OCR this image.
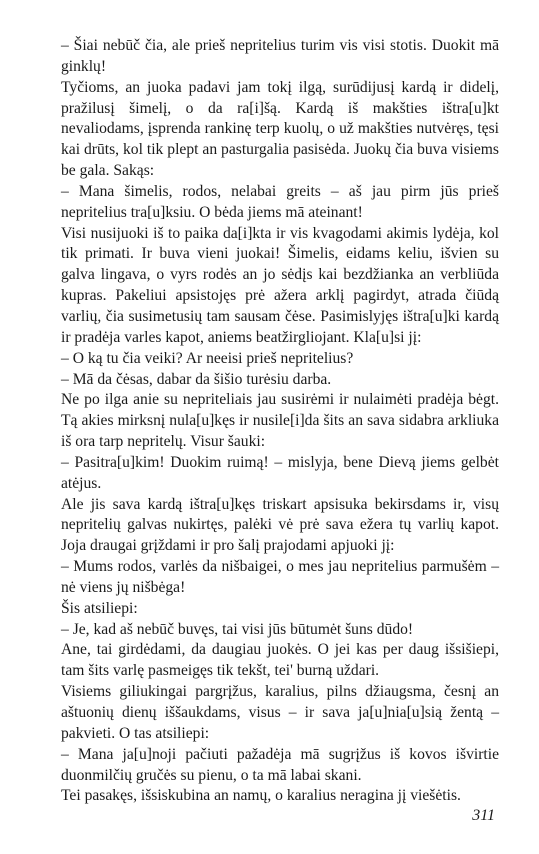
– Šiai nebūč čia, ale prieš nepritelius turim vis visi stotis. Duokit mā ginklų!

Tyčioms, an juoka padavi jam tokį ilgą, surūdijusį kardą ir didelį, pražilusį šimelį, o da ra[i]šą. Kardą iš makšties ištra[u]kt nevaliodams, įsprenda rankinę terp kuolų, o už makšties nutvėręs, tęsi kai drūts, kol tik plept an pasturgalia pasisėda. Juokų čia buva visiems be gala. Sakąs:

– Mana šimelis, rodos, nelabai greits – aš jau pirm jūs prieš nepritelius tra[u]ksiu. O bėda jiems mā ateinant!

Visi nusijuoki iš to paika da[i]kta ir vis kvagodami akimis lydėja, kol tik primati. Ir buva vieni juokai! Šimelis, eidams keliu, išvien su galva lingava, o vyrs rodės an jo sėdįs kai bezdžianka an verbliūda kupras. Pakeliui apsistojęs prė ažera arklį pagirdyt, atrada čiūdą varlių, čia susimetusių tam sausam čėse. Pasimislyjęs ištra[u]ki kardą ir pradėja varles kapot, aniems beatžirgliojant. Kla[u]si jį:

– O ką tu čia veiki? Ar neeisi prieš nepritelius?

– Mā da čėsas, dabar da šišio turėsiu darba.

Ne po ilga anie su nepriteliais jau susirėmi ir nulaimėti pradėja bėgt. Tą akies mirksnį nula[u]kęs ir nusile[i]da šits an sava sidabra arkliuka iš ora tarp nepritelų. Visur šauki:

– Pasitra[u]kim! Duokim ruimą! – mislyja, bene Dievą jiems gelbėt atėjus.

Ale jis sava kardą ištra[u]kęs triskart apsisuka bekirsdams ir, visų nepritelių galvas nukirtęs, palėki vė prė sava ežera tų varlių kapot. Joja draugai grįždami ir pro šalį prajodami apjuoki jį:

– Mums rodos, varlės da nišbaigei, o mes jau nepritelius parmušėm – nė viens jų nišbėga!

Šis atsiliepi:

– Je, kad aš nebūč buvęs, tai visi jūs būtumėt šuns dūdo!

Ane, tai girdėdami, da daugiau juokės. O jei kas per daug išsišiepi, tam šits varlę pasmeigęs tik tekšt, tei' burną uždari.

Visiems giliukingai pargrįžus, karalius, pilns džiaugsma, česnį an aštuonių dienų iššaukdams, visus – ir sava ja[u]nia[u]sią žentą – pakvieti. O tas atsiliepi:

– Mana ja[u]noji pačiuti pažadėja mā sugrįžus iš kovos išvirtie duonmilčių gručės su pienu, o ta mā labai skani.

Tei pasakęs, išsiskubina an namų, o karalius neragina jį viešėtis.

311
